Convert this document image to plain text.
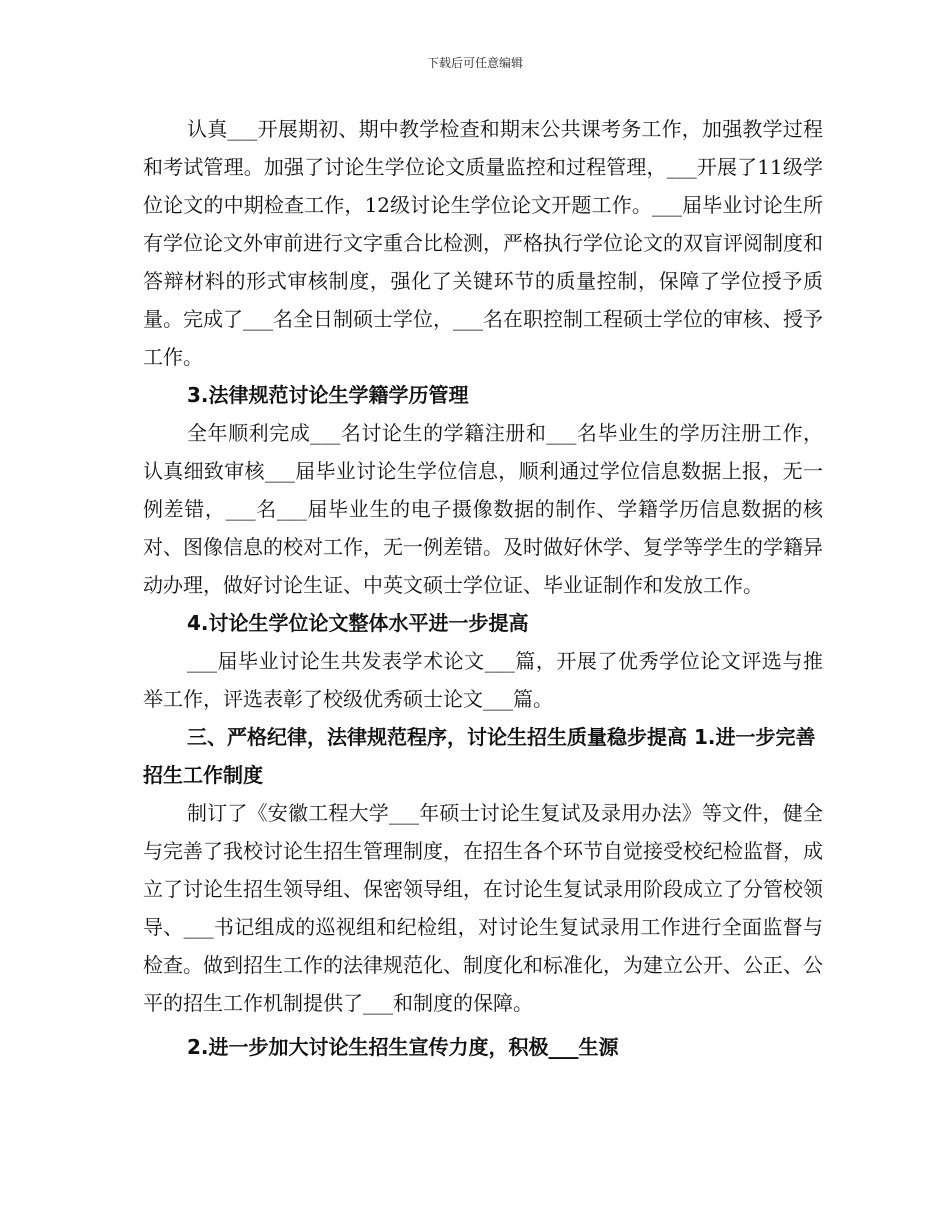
下载后可任意编辑

认真___开展期初、期中教学检查和期末公共课考务工作，加强教学过程和考试管理。加强了讨论生学位论文质量监控和过程管理，___开展了11级学位论文的中期检查工作，12级讨论生学位论文开题工作。___届毕业讨论生所有学位论文外审前进行文字重合比检测，严格执行学位论文的双盲评阅制度和答辩材料的形式审核制度，强化了关键环节的质量控制，保障了学位授予质量。完成了___名全日制硕士学位，___名在职控制工程硕士学位的审核、授予工作。

3.法律规范讨论生学籍学历管理

全年顺利完成___名讨论生的学籍注册和___名毕业生的学历注册工作，认真细致审核___届毕业讨论生学位信息，顺利通过学位信息数据上报，无一例差错，___名___届毕业生的电子摄像数据的制作、学籍学历信息数据的核对、图像信息的校对工作，无一例差错。及时做好休学、复学等学生的学籍异动办理，做好讨论生证、中英文硕士学位证、毕业证制作和发放工作。

4.讨论生学位论文整体水平进一步提高

___届毕业讨论生共发表学术论文___篇，开展了优秀学位论文评选与推举工作，评选表彰了校级优秀硕士论文___篇。

三、严格纪律，法律规范程序，讨论生招生质量稳步提高 1.进一步完善招生工作制度

制订了《安徽工程大学___年硕士讨论生复试及录用办法》等文件，健全与完善了我校讨论生招生管理制度，在招生各个环节自觉接受校纪检监督，成立了讨论生招生领导组、保密领导组，在讨论生复试录用阶段成立了分管校领导、___书记组成的巡视组和纪检组，对讨论生复试录用工作进行全面监督与检查。做到招生工作的法律规范化、制度化和标准化，为建立公开、公正、公平的招生工作机制提供了___和制度的保障。

2.进一步加大讨论生招生宣传力度，积极___生源
